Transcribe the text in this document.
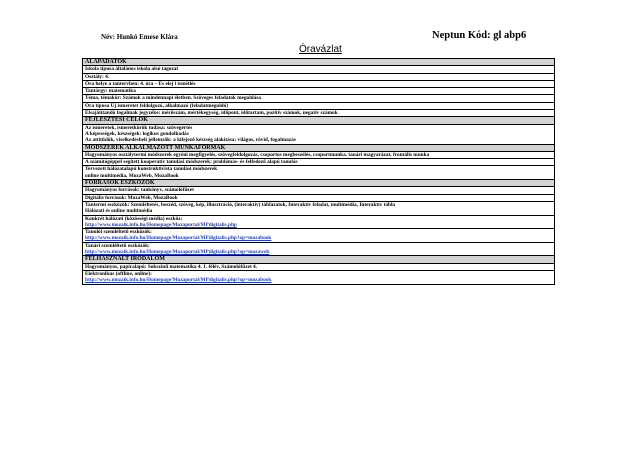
Név: Hunkó Emese Klára	Neptun Kód: gl abp6
Óravázlat
ALAPADATOK

Iskola típusa általános iskola alsó tagozat

Osztály: 4.

Óra helye a tantervben: 4. óra – És elej i ismétlés

Tantárgy: matematika

Téma, témakör: Számok a mindennapi életben. Szöveges feladatok megoldása

Óra típusa Új ismeretet feldolgozó, alkalmazó (feladatmegoldó)

Elsajátítandó fogalmak jegyzéke: mérőszám, mértékegység, időpont, időtartam, pozitív számok, negatív számok

FEJLESZTÉSI CÉLOK

Az ismeretek, ismeretkörök tudása: szövegértés
A képességek, készségek: logikus gondolkodás
Az attitűdök, viselkedésbeli jellemzők: a kifejező készség alakítása: világos, rövid, fogalmazás

MÓDSZEREK ALKALMAZOTT MUNKAFORMÁK

Hagyományos osztálytermi módszerek egyéni megfigyelés, szövegfeldolgozás, csoportos megbeszélés, csoportmunka. tanári magyarázat, frontális munka

A számítógéppel segített kooperatív tanulási módszerek: problémás- és felfedező alapú tanulás

Tervezett hálózatalapú konstruktivista tanulási módszerek
online multimédia, MozaWeb, MozaBook

FORRÁSOK ESZKÖZÖK

Hagyományos források: tankönyv, számolófüzet

Digitális források: MozaWeb, MozaBook

Tantermi eszközök: Szemléltetés, beszéd, szöveg, kép, illusztráció, (interaktív) táblázatok, Interaktív feladat, multimédia, Interaktív tábla
Hálózati és online multimédia

Konkrét hálózati (közösségi média) eszköz:
http://www.mozaik.info.hu/Homepage/Mozaportal/MPdigitalis.php

Tanulói szemléltető eszközök:
http://www.mozaik.info.hu/Homepage/Mozaportal/MPdigitalis.php?op=mozabook

Tanári szemléltető eszközök:
http://www.mozaik.info.hu/Homepage/Mozaportal/MPdigitalis.php?op=mozaweb

FELHASZNÁLT IRODALOM

Hagyományos, papíralapú: Sokszínű matematika 4. 1. félév, Számolófüzet 4.

Elektronikus (offline, online):
http://www.mozaik.info.hu/Homepage/Mozaportal/MPdigitalis.php?op=mozabook
